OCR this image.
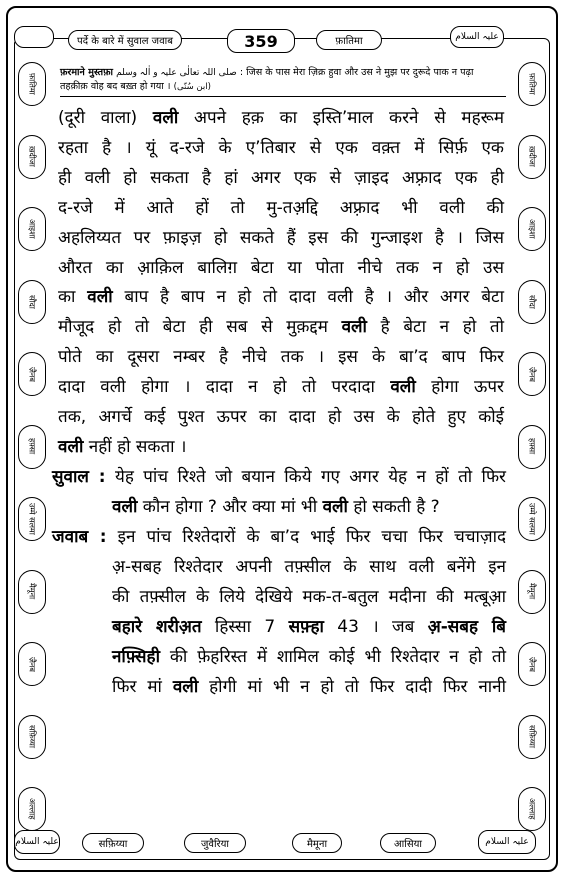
पर्दे के बारे में सुवाल जवाब	359	फ़ातिमा	علیہ السلام
फ़ातिमा
ख़दीजा
आइशा
सौदा
ज़ैनब
हफ़्सा
उम्मे सलमा
मैमूना
ज़ैनब
सफ़िय्या
अल्लाह
फ़ातिमा
ख़दीजा
आइशा
सौदा
ज़ैनब
हफ़्सा
उम्मे सलमा
मैमूना
ज़ैनब
सफ़िय्या
अल्लाह
फ़रमाने मुस्तफ़ा صلی اللہ تعالٰی علیہ و اٰلہ وسلم : जिस के पास मेरा ज़िक्र हुवा और उस ने मुझ पर दुरूदे पाक न पढ़ा
तहक़ीक़ वोह बद बख़्त हो गया । (ابن سُنّی)
(दूरी वाला) वली अपने हक़ का इस्ति’माल करने से महरूम
रहता है । यूं द-रजे के ए’तिबार से एक वक़्त में सिर्फ़ एक
ही वली हो सकता है हां अगर एक से ज़ाइद अफ़्राद एक ही
द-रजे में आते हों तो मु-तअ़द्दि अफ़्राद भी वली की
अहलिय्यत पर फ़ाइज़ हो सकते हैं इस की गुन्जाइश है । जिस
औरत का आ़क़िल बालिग़ बेटा या पोता नीचे तक न हो उस
का वली बाप है बाप न हो तो दादा वली है । और अगर बेटा
मौजूद हो तो बेटा ही सब से मुक़द्दम वली है बेटा न हो तो
पोते का दूसरा नम्बर है नीचे तक । इस के बा’द बाप फिर
दादा वली होगा । दादा न हो तो परदादा वली होगा ऊपर
तक, अगर्चे कई पुश्त ऊपर का दादा हो उस के होते हुए कोई
वली नहीं हो सकता ।
सुवाल : येह पांच रिश्ते जो बयान किये गए अगर येह न हों तो फिर
वली कौन होगा ? और क्या मां भी वली हो सकती है ?
जवाब : इन पांच रिश्तेदारों के बा’द भाई फिर चचा फिर चचाज़ाद
अ़-सबह रिश्तेदार अपनी तफ़्सील के साथ वली बनेंगे इन
की तफ़्सील के लिये देखिये मक-त-बतुल मदीना की मत्बूआ़
बहारे शरीअ़त हिस्सा 7 सफ़्हा 43 । जब अ़-सबह बि
नफ़्सिही की फ़ेहरिस्त में शामिल कोई भी रिश्तेदार न हो तो
फिर मां वली होगी मां भी न हो तो फिर दादी फिर नानी
علیہ السلام	सफ़िय्या	जुवैरिया	मैमूना	आसिया	علیہ السلام
